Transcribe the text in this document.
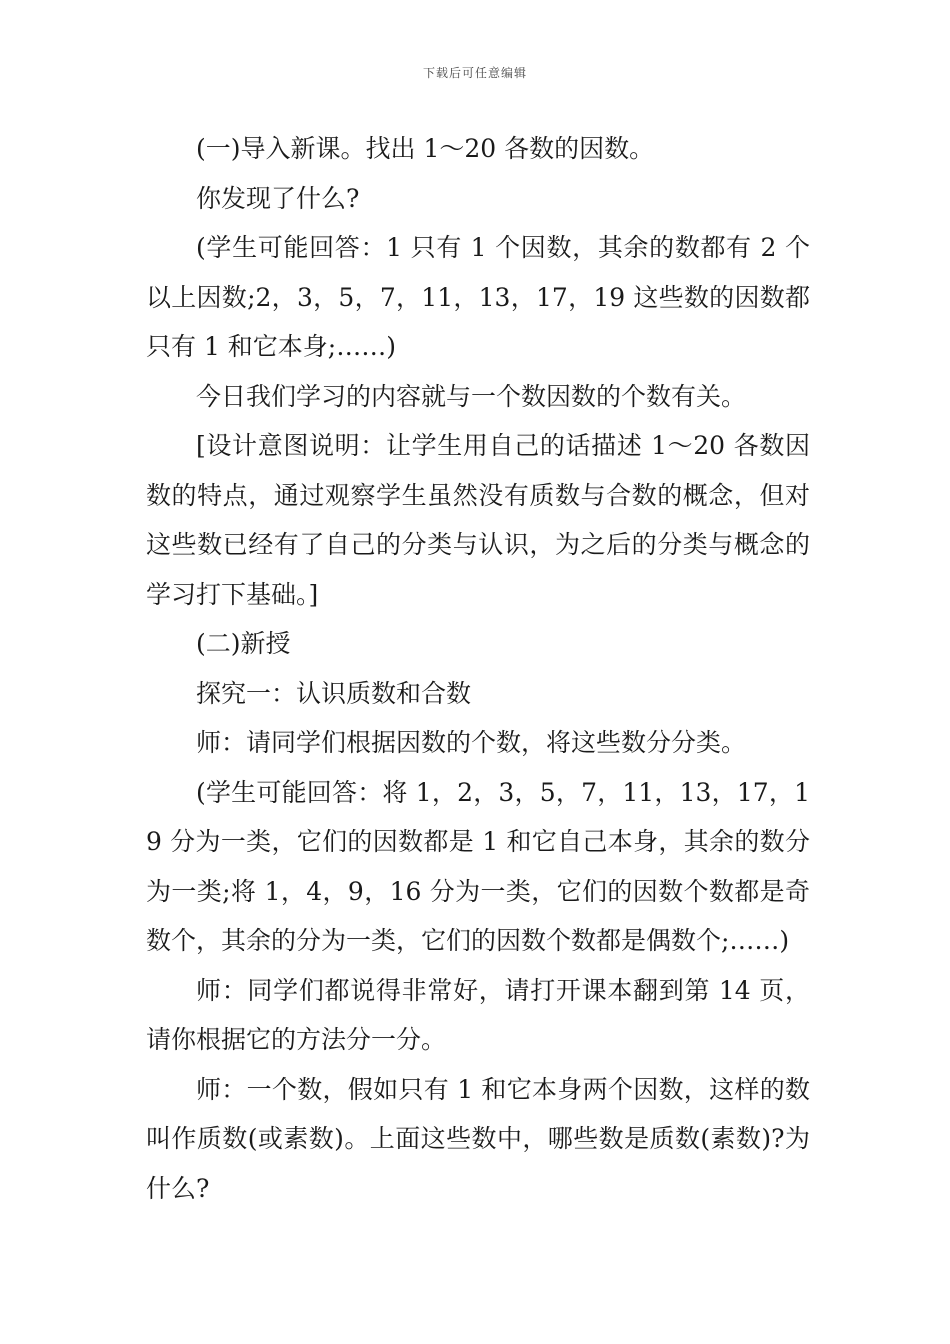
下载后可任意编辑

(一)导入新课。找出 1～20 各数的因数。

你发现了什么?

(学生可能回答：1 只有 1 个因数，其余的数都有 2 个以上因数;2，3，5，7，11，13，17，19 这些数的因数都只有 1 和它本身;……)

今日我们学习的内容就与一个数因数的个数有关。

[设计意图说明：让学生用自己的话描述 1～20 各数因数的特点，通过观察学生虽然没有质数与合数的概念，但对这些数已经有了自己的分类与认识，为之后的分类与概念的学习打下基础。]

(二)新授

探究一：认识质数和合数

师：请同学们根据因数的个数，将这些数分分类。

(学生可能回答：将 1，2，3，5，7，11，13，17，19 分为一类，它们的因数都是 1 和它自己本身，其余的数分为一类;将 1，4，9，16 分为一类，它们的因数个数都是奇数个，其余的分为一类，它们的因数个数都是偶数个;……)

师：同学们都说得非常好，请打开课本翻到第 14 页，请你根据它的方法分一分。

师：一个数，假如只有 1 和它本身两个因数，这样的数叫作质数(或素数)。上面这些数中，哪些数是质数(素数)?为什么?
